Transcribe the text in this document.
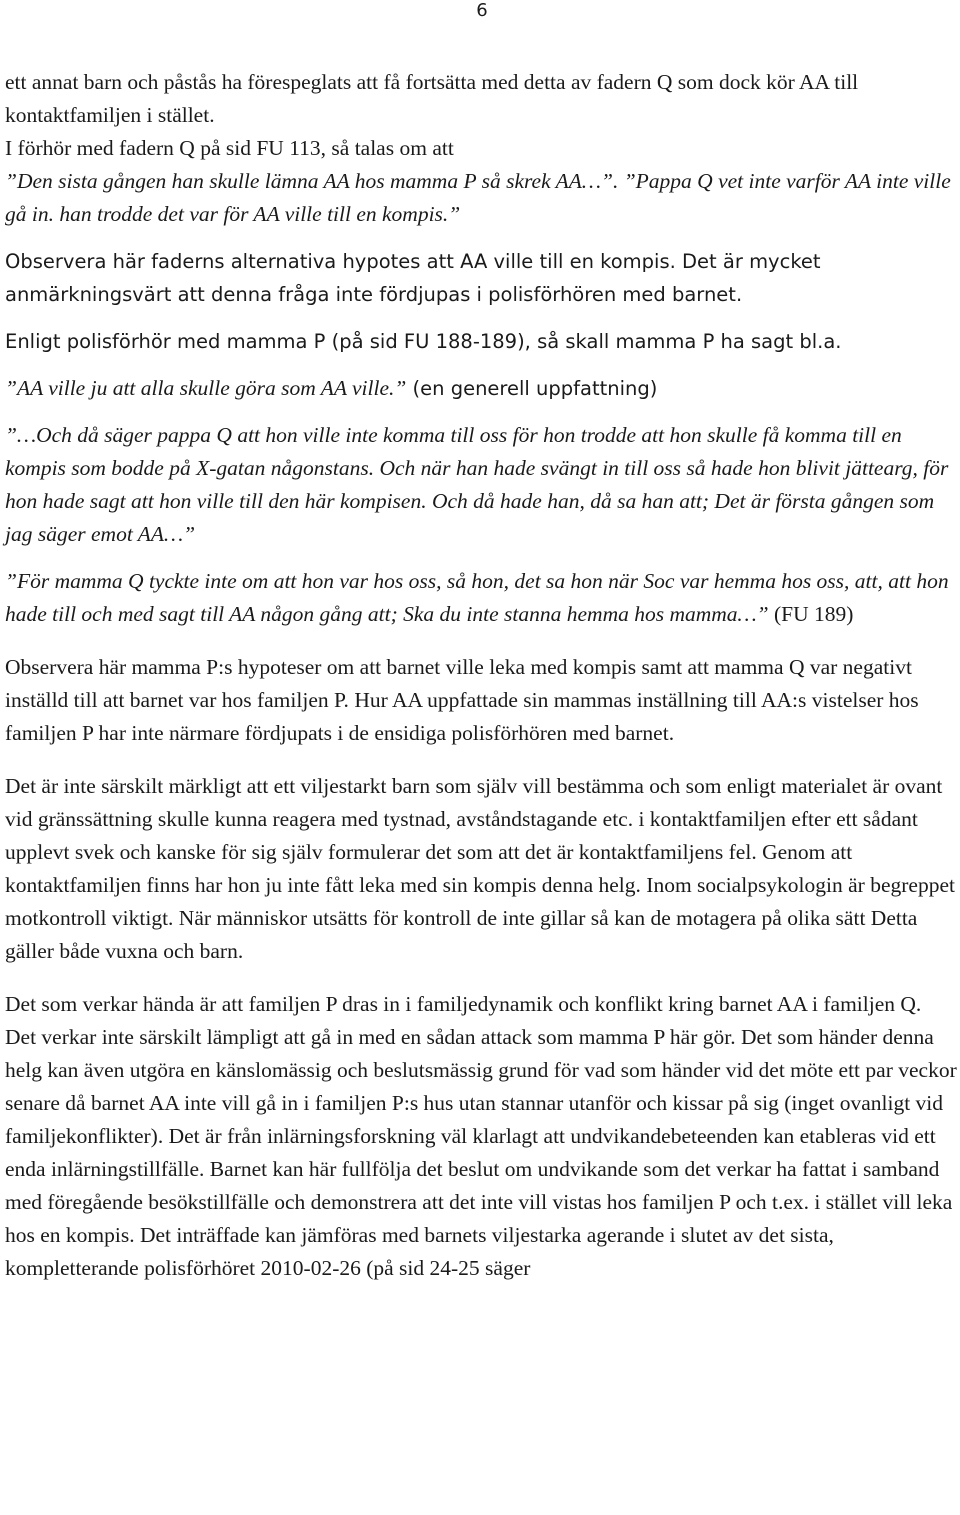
6

ett annat barn och påstås ha förespeglats att få fortsätta med detta av fadern Q som dock kör AA till kontaktfamiljen i stället.

I förhör med fadern Q på sid FU 113, så talas om att

”Den sista gången han skulle lämna AA hos mamma P så skrek AA…”. ”Pappa Q vet inte varför AA inte ville gå in. han trodde det var för AA ville till en kompis.”

Observera här faderns alternativa hypotes att AA ville till en kompis. Det är mycket anmärkningsvärt att denna fråga inte fördjupas i polisförhören med barnet.

Enligt polisförhör med mamma P (på sid FU 188-189), så skall mamma P ha sagt bl.a.

”AA ville ju att alla skulle göra som AA ville.” (en generell uppfattning)

”…Och då säger pappa Q att hon ville inte komma till oss för hon trodde att hon skulle få komma till en kompis som bodde på X-gatan någonstans. Och när han hade svängt in till oss så hade hon blivit jättearg, för hon hade sagt att hon ville till den här kompisen. Och då hade han, då sa han att; Det är första gången som jag säger emot AA…”

”För mamma Q tyckte inte om att hon var hos oss, så hon, det sa hon när Soc var hemma hos oss, att, att hon hade till och med sagt till AA någon gång att; Ska du inte stanna hemma hos mamma…” (FU 189)

Observera här mamma P:s hypoteser om att barnet ville leka med kompis samt att mamma Q var negativt inställd till att barnet var hos familjen P. Hur AA uppfattade sin mammas inställning till AA:s vistelser hos familjen P har inte närmare fördjupats i de ensidiga polisförhören med barnet.

Det är inte särskilt märkligt att ett viljestarkt barn som själv vill bestämma och som enligt materialet är ovant vid gränssättning skulle kunna reagera med tystnad, avståndstagande etc. i kontaktfamiljen efter ett sådant upplevt svek och kanske för sig själv formulerar det som att det är kontaktfamiljens fel. Genom att kontaktfamiljen finns har hon ju inte fått leka med sin kompis denna helg. Inom socialpsykologin är begreppet motkontroll viktigt. När människor utsätts för kontroll de inte gillar så kan de motagera på olika sätt Detta gäller både vuxna och barn.

Det som verkar hända är att familjen P dras in i familjedynamik och konflikt kring barnet AA i familjen Q. Det verkar inte särskilt lämpligt att gå in med en sådan attack som mamma P här gör. Det som händer denna helg kan även utgöra en känslomässig och beslutsmässig grund för vad som händer vid det möte ett par veckor senare då barnet AA inte vill gå in i familjen P:s hus utan stannar utanför och kissar på sig (inget ovanligt vid familjekonflikter). Det är från inlärningsforskning väl klarlagt att undvikandebeteenden kan etableras vid ett enda inlärningstillfälle. Barnet kan här fullfölja det beslut om undvikande som det verkar ha fattat i samband med föregående besökstillfälle och demonstrera att det inte vill vistas hos familjen P och t.ex. i stället vill leka hos en kompis. Det inträffade kan jämföras med barnets viljestarka agerande i slutet av det sista, kompletterande polisförhöret 2010-02-26 (på sid 24-25 säger
